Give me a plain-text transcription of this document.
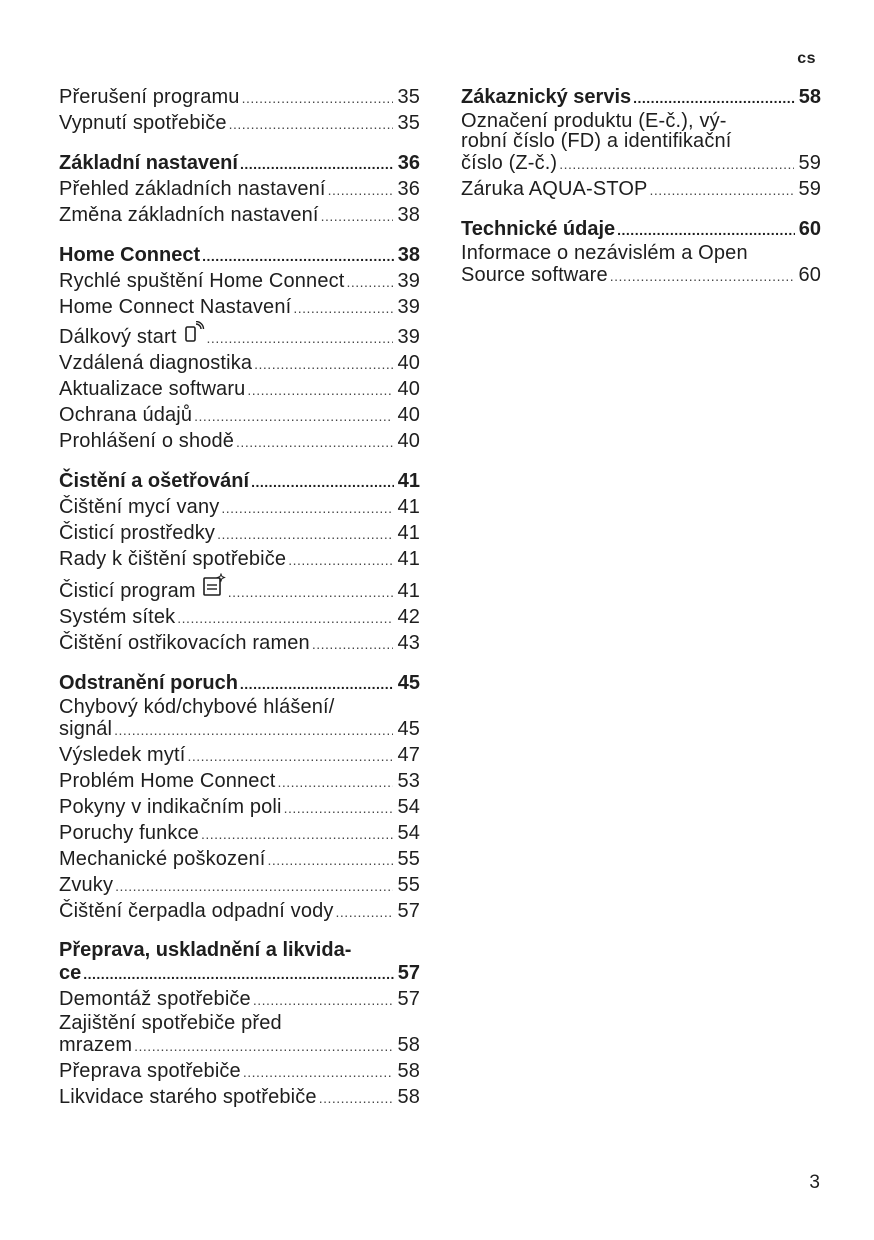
cs
Přerušení programu .....	35
Vypnutí spotřebiče .....	35
Základní nastavení .....	36
Přehled základních nastavení .....	36
Změna základních nastavení .....	38
Home Connect .....	38
Rychlé spuštění Home Connect .....	39
Home Connect Nastavení .....	39
Dálkový start .....	39
Vzdálená diagnostika .....	40
Aktualizace softwaru .....	40
Ochrana údajů .....	40
Prohlášení o shodě .....	40
Čistění a ošetřování .....	41
Čištění mycí vany .....	41
Čisticí prostředky .....	41
Rady k čištění spotřebiče .....	41
Čisticí program .....	41
Systém sítek .....	42
Čištění ostřikovacích ramen .....	43
Odstranění poruch .....	45
Chybový kód/chybové hlášení/
signál .....	45
Výsledek mytí .....	47
Problém Home Connect .....	53
Pokyny v indikačním poli .....	54
Poruchy funkce .....	54
Mechanické poškození .....	55
Zvuky .....	55
Čištění čerpadla odpadní vody .....	57
Přeprava, uskladnění a likvida-
ce .....	57
Demontáž spotřebiče .....	57
Zajištění spotřebiče před
mrazem .....	58
Přeprava spotřebiče .....	58
Likvidace starého spotřebiče .....	58
Zákaznický servis .....	58
Označení produktu (E-č.), vý-
robní číslo (FD) a identifikační
číslo (Z-č.) .....	59
Záruka AQUA-STOP .....	59
Technické údaje .....	60
Informace o nezávislém a Open
Source software .....	60
3
